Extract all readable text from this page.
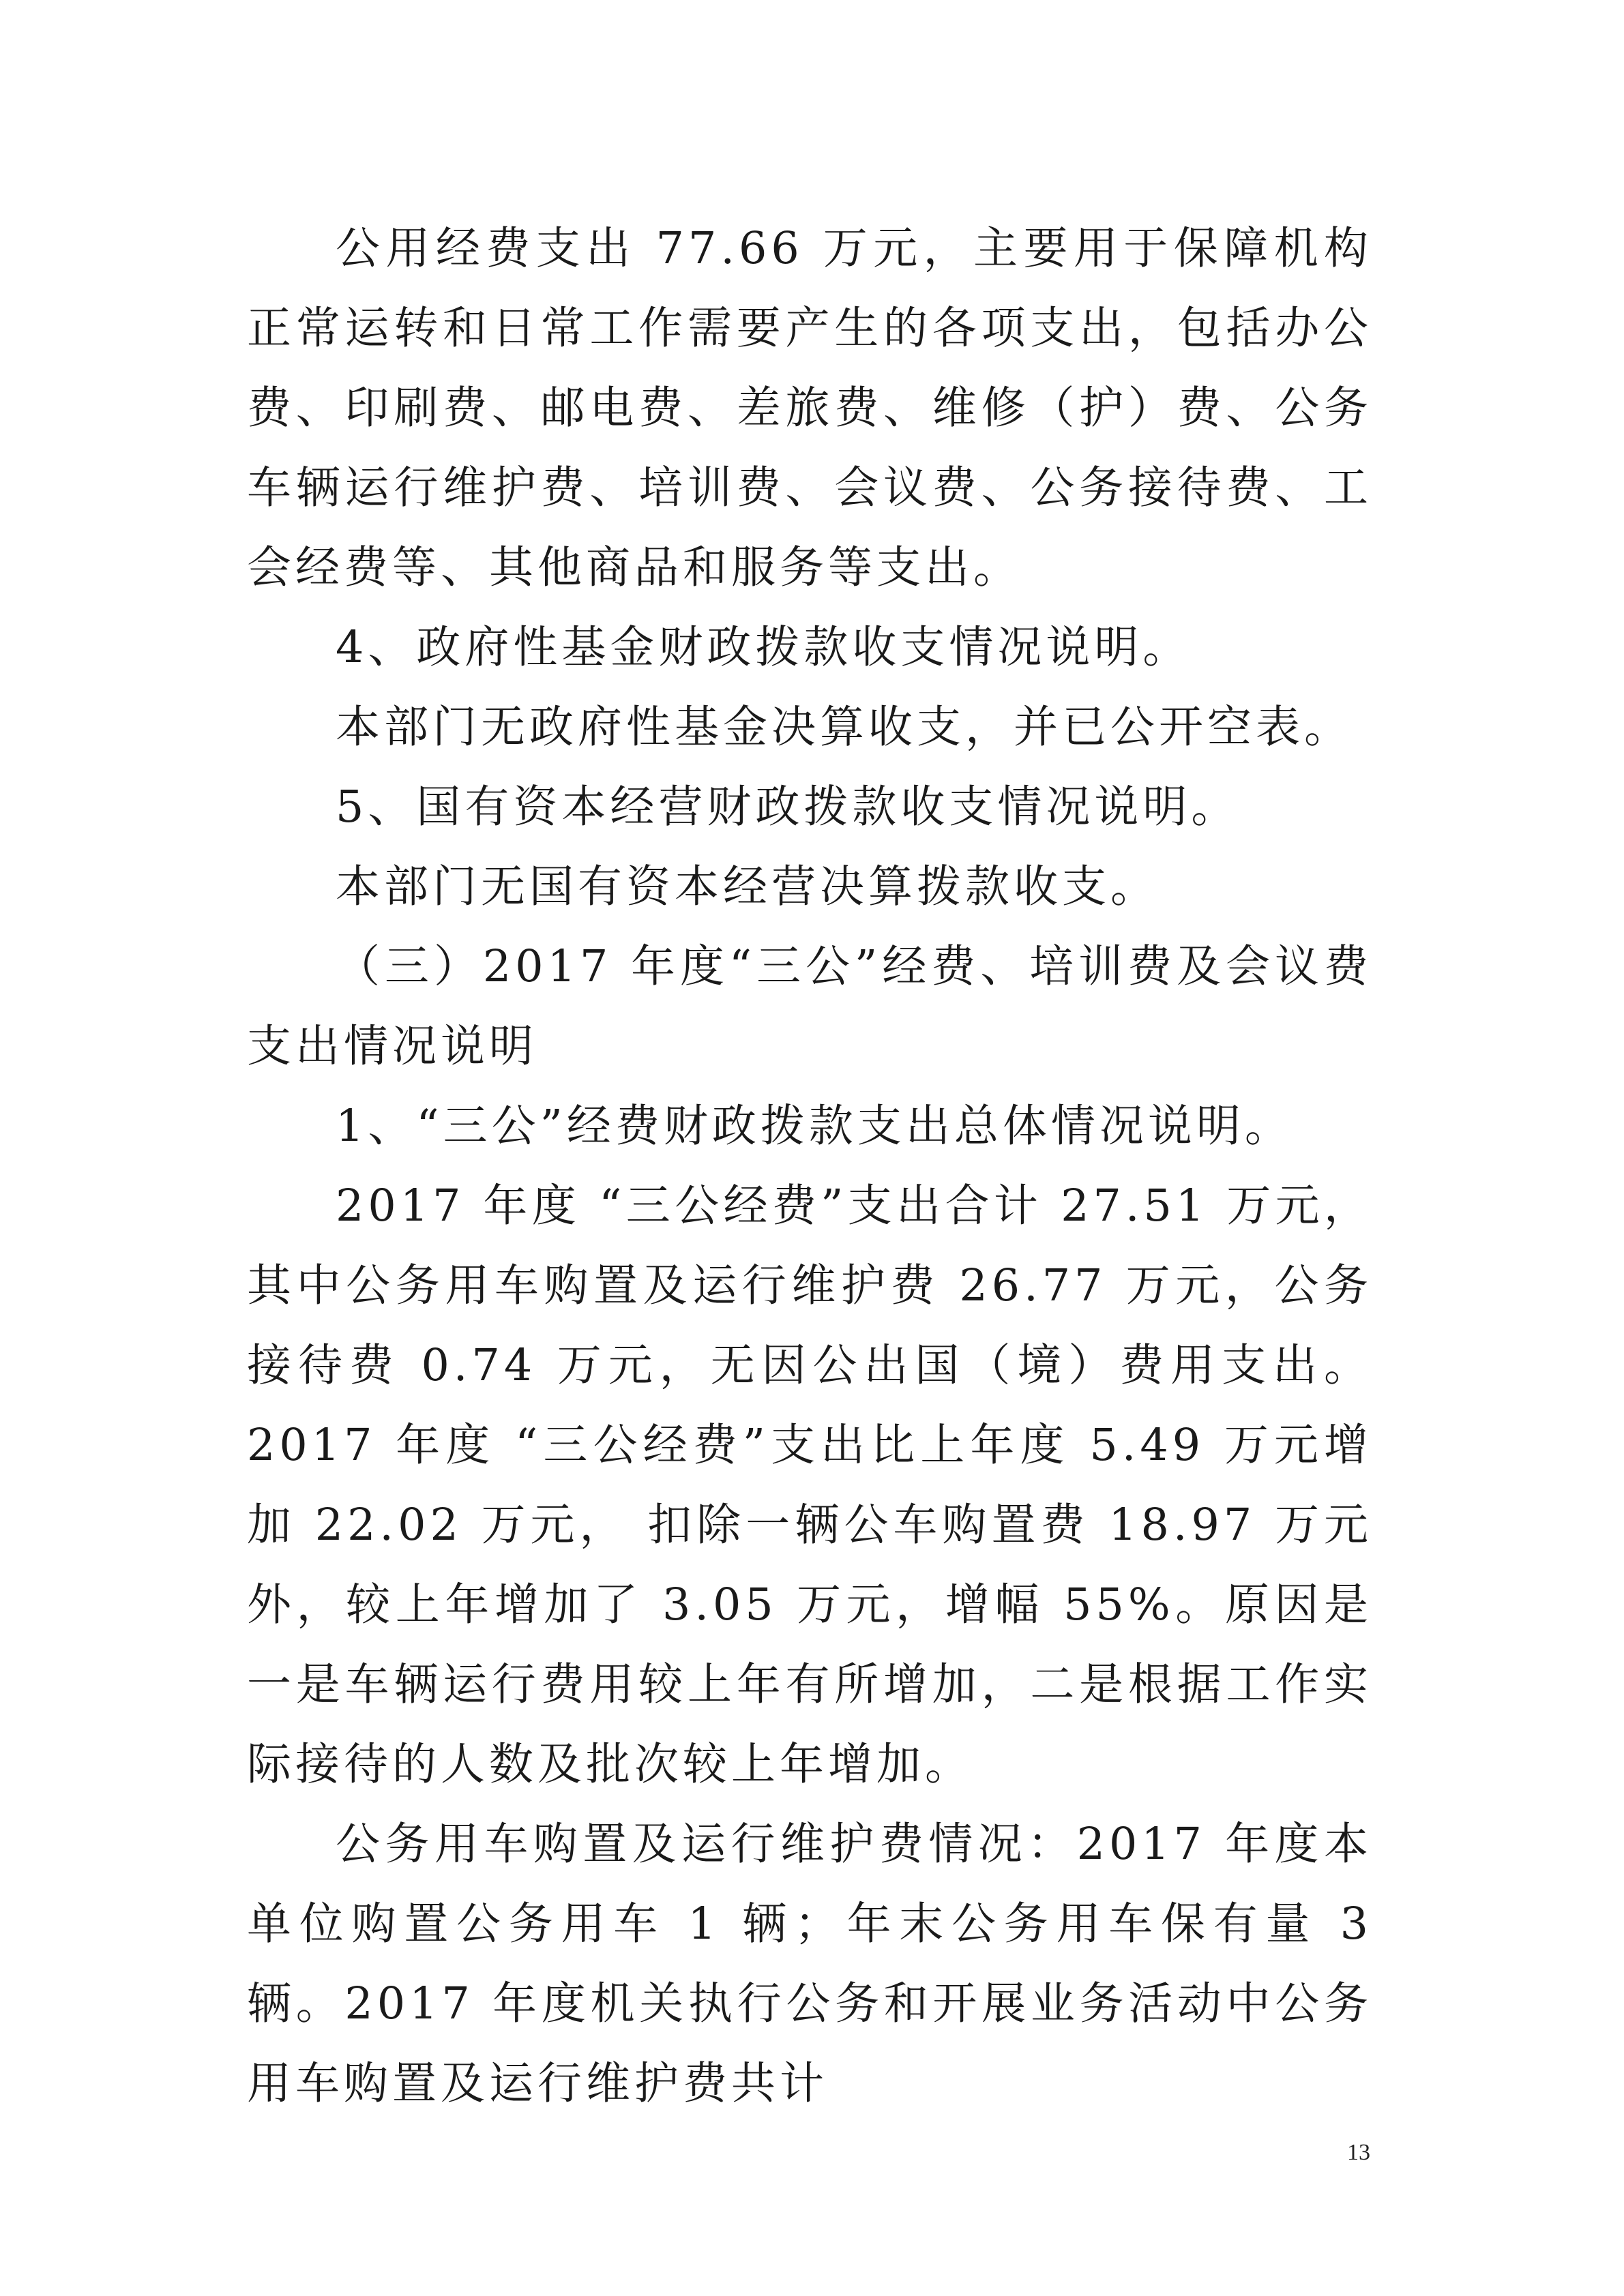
公用经费支出 77.66 万元，主要用于保障机构正常运转和日常工作需要产生的各项支出，包括办公费、印刷费、邮电费、差旅费、维修（护）费、公务车辆运行维护费、培训费、会议费、公务接待费、工会经费等、其他商品和服务等支出。

4、政府性基金财政拨款收支情况说明。

本部门无政府性基金决算收支，并已公开空表。

5、国有资本经营财政拨款收支情况说明。

本部门无国有资本经营决算拨款收支。

（三）2017 年度“三公”经费、培训费及会议费支出情况说明

1、“三公”经费财政拨款支出总体情况说明。

2017 年度 “三公经费”支出合计 27.51 万元，其中公务用车购置及运行维护费 26.77 万元，公务接待费 0.74 万元，无因公出国（境）费用支出。2017 年度 “三公经费”支出比上年度 5.49 万元增加 22.02 万元， 扣除一辆公车购置费 18.97 万元外，较上年增加了 3.05 万元，增幅 55%。原因是一是车辆运行费用较上年有所增加，二是根据工作实际接待的人数及批次较上年增加。

公务用车购置及运行维护费情况：2017 年度本单位购置公务用车 1 辆；年末公务用车保有量 3 辆。2017 年度机关执行公务和开展业务活动中公务用车购置及运行维护费共计

13
